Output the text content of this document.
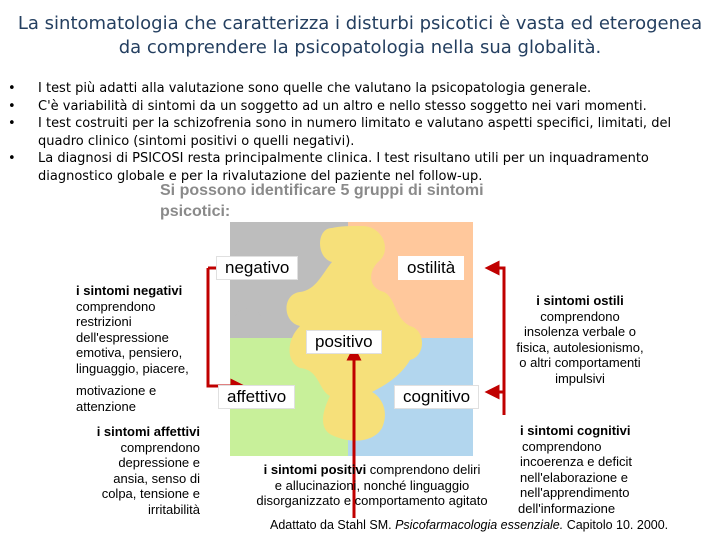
La sintomatologia che caratterizza i disturbi psicotici è vasta ed eterogenea
da comprendere la psicopatologia nella sua globalità.
• I test più adatti alla valutazione sono quelle che valutano la psicopatologia generale.
• C'è variabilità di sintomi da un soggetto ad un altro e nello stesso soggetto nei vari momenti.
• I test costruiti per la schizofrenia sono in numero limitato e valutano aspetti specifici, limitati, del quadro clinico (sintomi positivi o quelli negativi).
• La diagnosi di PSICOSI resta principalmente clinica. I test risultano utili per un inquadramento diagnostico globale e per la rivalutazione del paziente nel follow-up.
Si possono identificare 5 gruppi di sintomi
psicotici:
negativo	ostilità
positivo
affettivo	cognitivo
i sintomi negativi
comprendono
restrizioni
dell'espressione
emotiva, pensiero,
linguaggio, piacere,
motivazione e
attenzione
i sintomi affettivi
comprendono
depressione e
ansia, senso di
colpa, tensione e
irritabilità
i sintomi ostili
comprendono
insolenza verbale o
fisica, autolesionismo,
o altri comportamenti
impulsivi
i sintomi cognitivi
comprendono
incoerenza e deficit
nell'elaborazione e
nell'apprendimento
dell'informazione
i sintomi positivi comprendono deliri
e allucinazioni, nonché linguaggio
disorganizzato e comportamento agitato
Adattato da Stahl SM. Psicofarmacologia essenziale. Capitolo 10. 2000.
